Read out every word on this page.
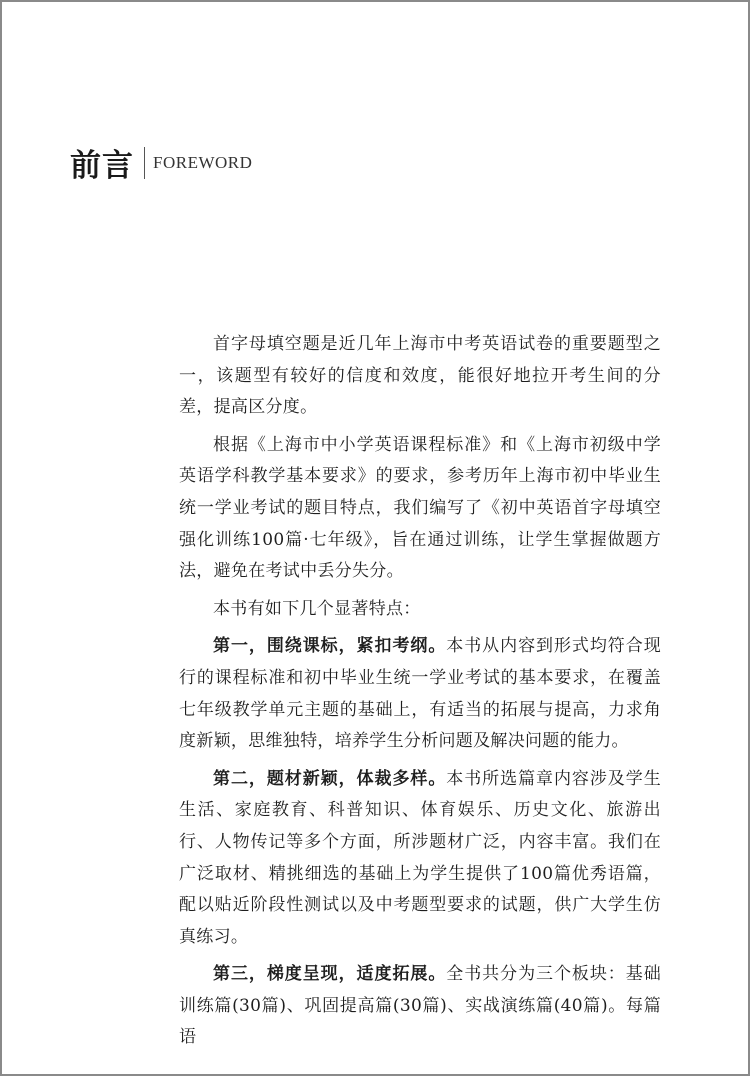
前言 FOREWORD

首字母填空题是近几年上海市中考英语试卷的重要题型之一，该题型有较好的信度和效度，能很好地拉开考生间的分差，提高区分度。

根据《上海市中小学英语课程标准》和《上海市初级中学英语学科教学基本要求》的要求，参考历年上海市初中毕业生统一学业考试的题目特点，我们编写了《初中英语首字母填空强化训练100篇·七年级》，旨在通过训练，让学生掌握做题方法，避免在考试中丢分失分。

本书有如下几个显著特点：

第一，围绕课标，紧扣考纲。本书从内容到形式均符合现行的课程标准和初中毕业生统一学业考试的基本要求，在覆盖七年级教学单元主题的基础上，有适当的拓展与提高，力求角度新颖，思维独特，培养学生分析问题及解决问题的能力。

第二，题材新颖，体裁多样。本书所选篇章内容涉及学生生活、家庭教育、科普知识、体育娱乐、历史文化、旅游出行、人物传记等多个方面，所涉题材广泛，内容丰富。我们在广泛取材、精挑细选的基础上为学生提供了100篇优秀语篇，配以贴近阶段性测试以及中考题型要求的试题，供广大学生仿真练习。

第三，梯度呈现，适度拓展。全书共分为三个板块：基础训练篇(30篇)、巩固提高篇(30篇)、实战演练篇(40篇)。每篇语
